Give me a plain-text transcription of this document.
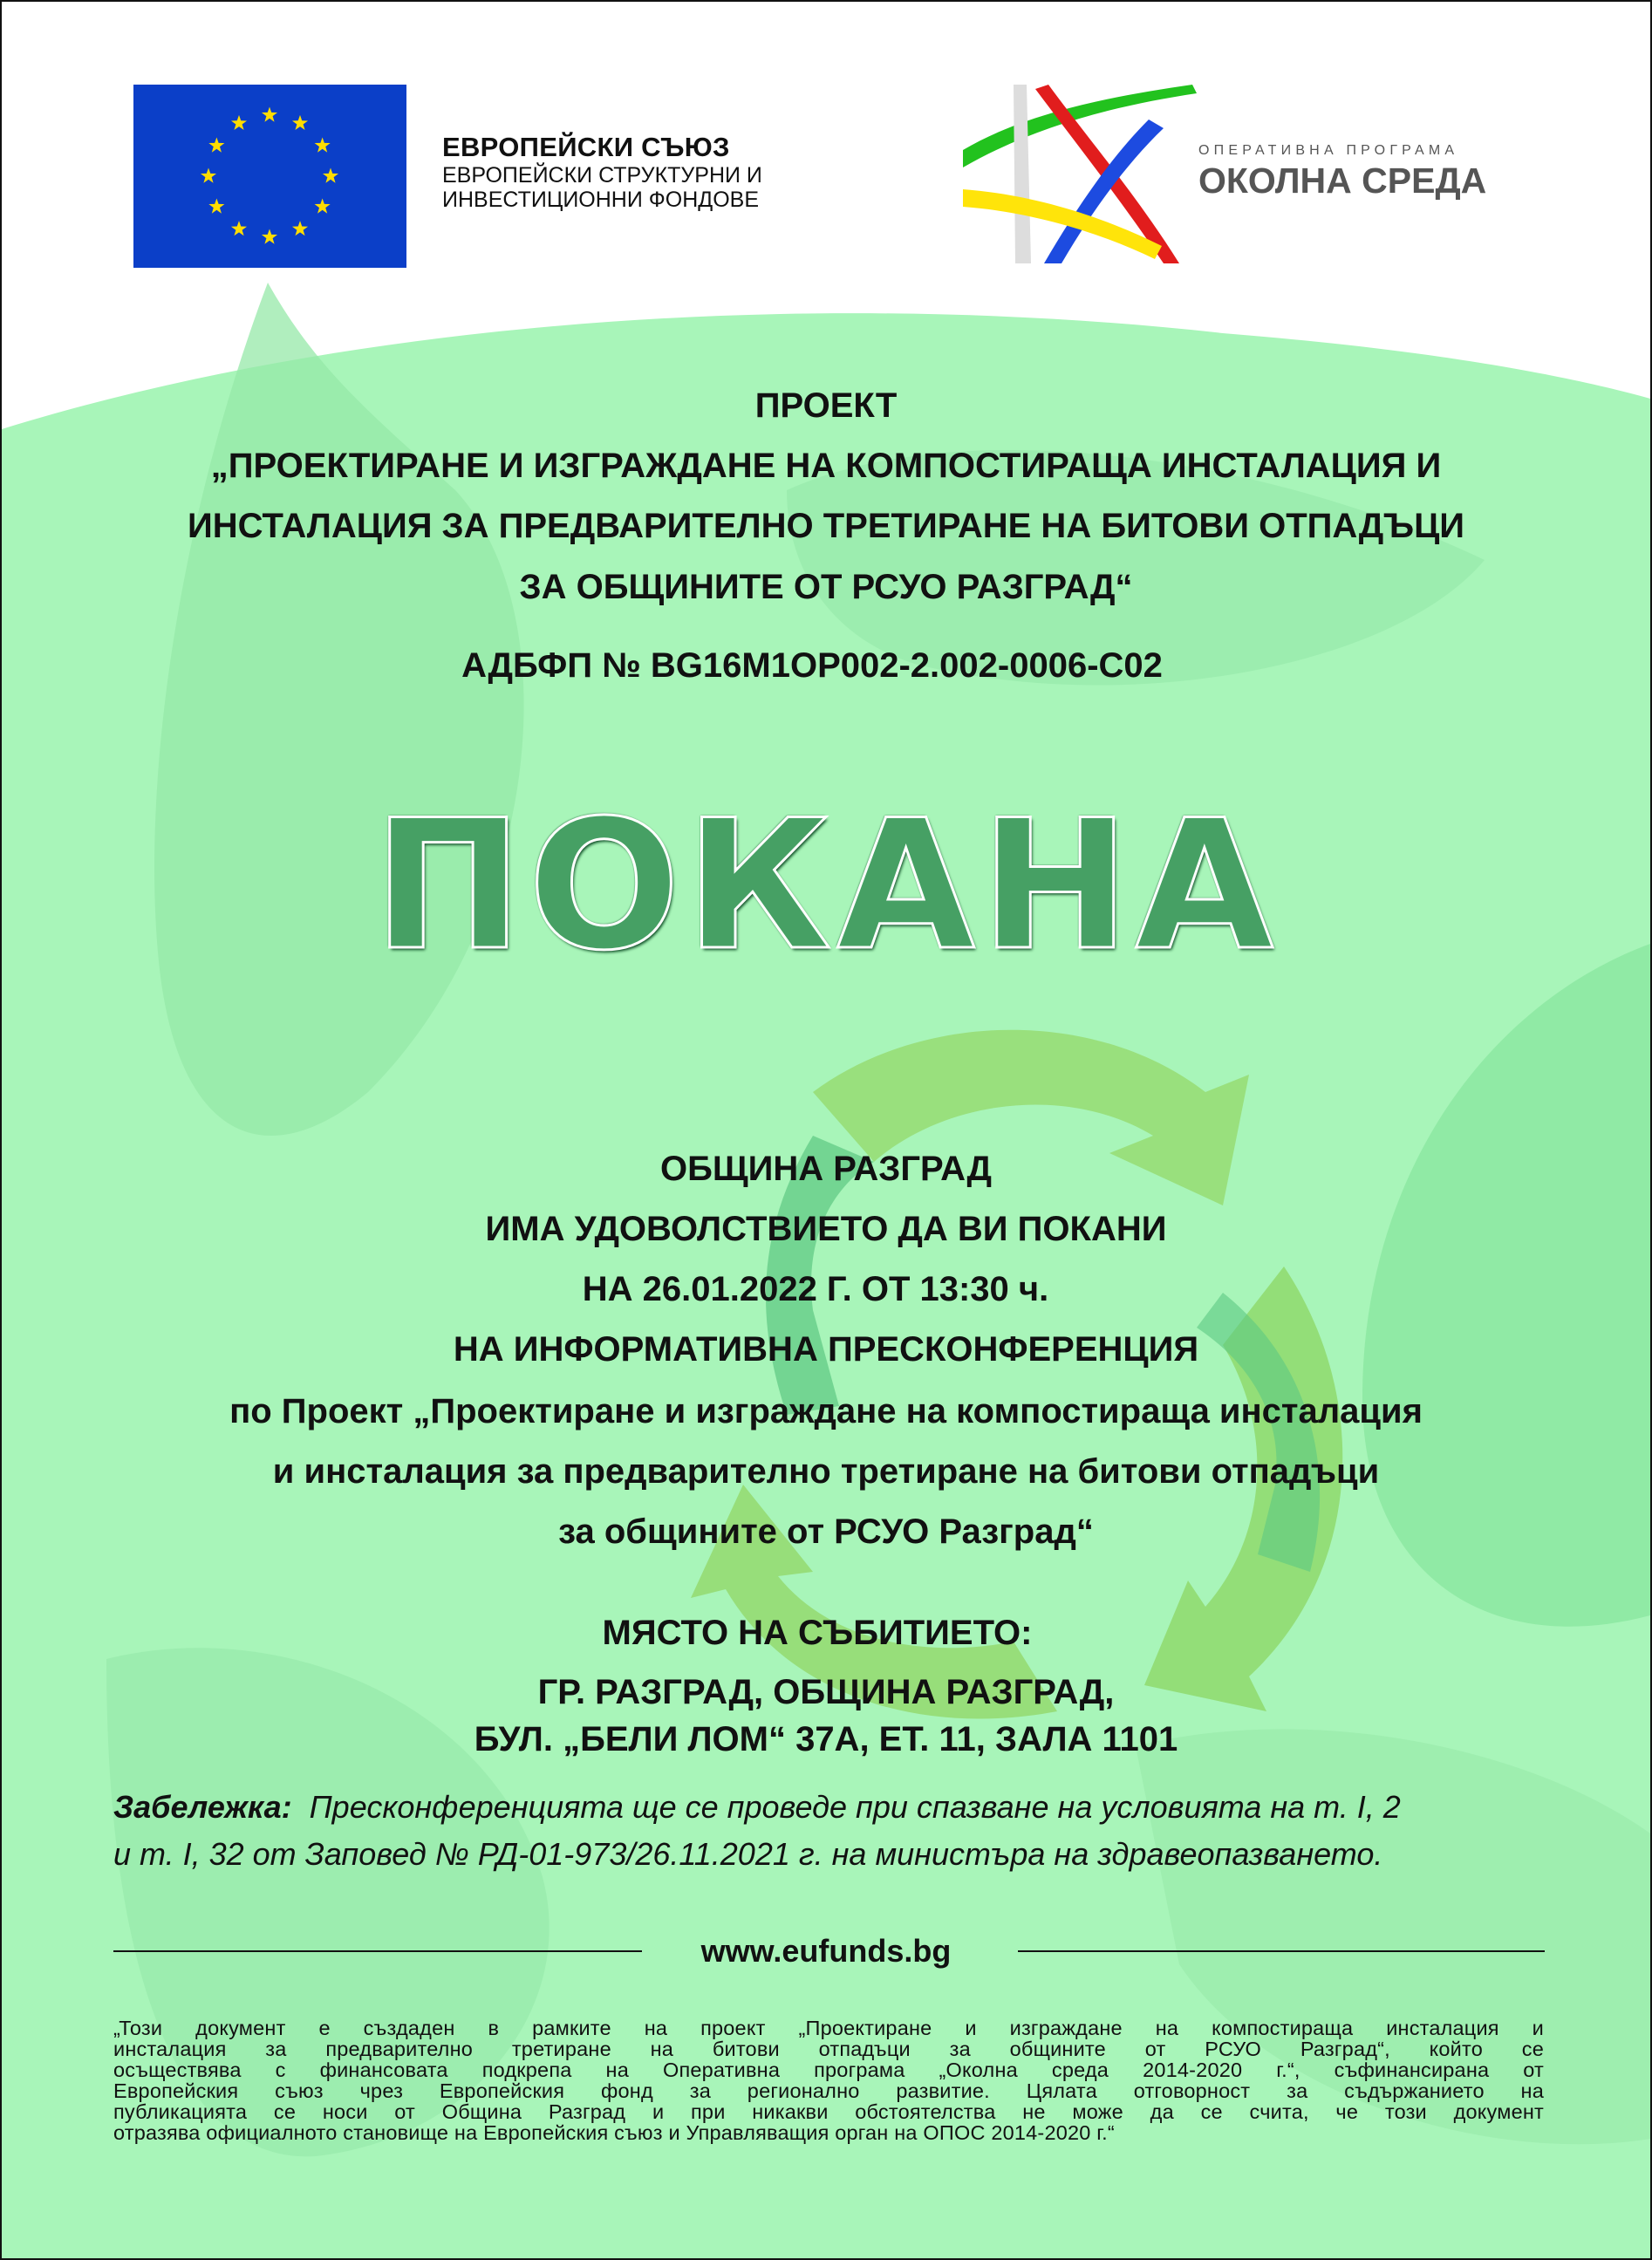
ЕВРОПЕЙСКИ СЪЮЗ
ЕВРОПЕЙСКИ СТРУКТУРНИ И
ИНВЕСТИЦИОННИ ФОНДОВЕ
ОПЕРАТИВНА ПРОГРАМА
ОКОЛНА СРЕДА
ПРОЕКТ
„ПРОЕКТИРАНЕ И ИЗГРАЖДАНЕ НА КОМПОСТИРАЩА ИНСТАЛАЦИЯ И
ИНСТАЛАЦИЯ ЗА ПРЕДВАРИТЕЛНО ТРЕТИРАНЕ НА БИТОВИ ОТПАДЪЦИ
ЗА ОБЩИНИТЕ ОТ РСУО РАЗГРАД“
АДБФП № BG16M1OP002-2.002-0006-C02
ПОКАНА
ОБЩИНА РАЗГРАД
ИМА УДОВОЛСТВИЕТО ДА ВИ ПОКАНИ
НА 26.01.2022 Г. ОТ 13:30 ч.
НА ИНФОРМАТИВНА ПРЕСКОНФЕРЕНЦИЯ
по Проект „Проектиране и изграждане на компостираща инсталация
и инсталация за предварително третиране на битови отпадъци
за общините от РСУО Разград“
МЯСТО НА СЪБИТИЕТО:
ГР. РАЗГРАД, ОБЩИНА РАЗГРАД,
БУЛ. „БЕЛИ ЛОМ“ 37А, ЕТ. 11, ЗАЛА 1101
Забележка: Пресконференцията ще се проведе при спазване на условията на т. I, 2
и т. I, 32 от Заповед № РД-01-973/26.11.2021 г. на министъра на здравеопазването.
www.eufunds.bg
„Този документ е създаден в рамките на проект „Проектиране и изграждане на компостираща инсталация и
инсталация за предварително третиране на битови отпадъци за общините от РСУО Разград“, който се
осъществява с финансовата подкрепа на Оперативна програма „Околна среда 2014-2020 г.“, съфинансирана от
Европейския съюз чрез Европейския фонд за регионално развитие. Цялата отговорност за съдържанието на
публикацията се носи от Община Разград и при никакви обстоятелства не може да се счита, че този документ
отразява официалното становище на Европейския съюз и Управляващия орган на ОПОС 2014-2020 г.“
